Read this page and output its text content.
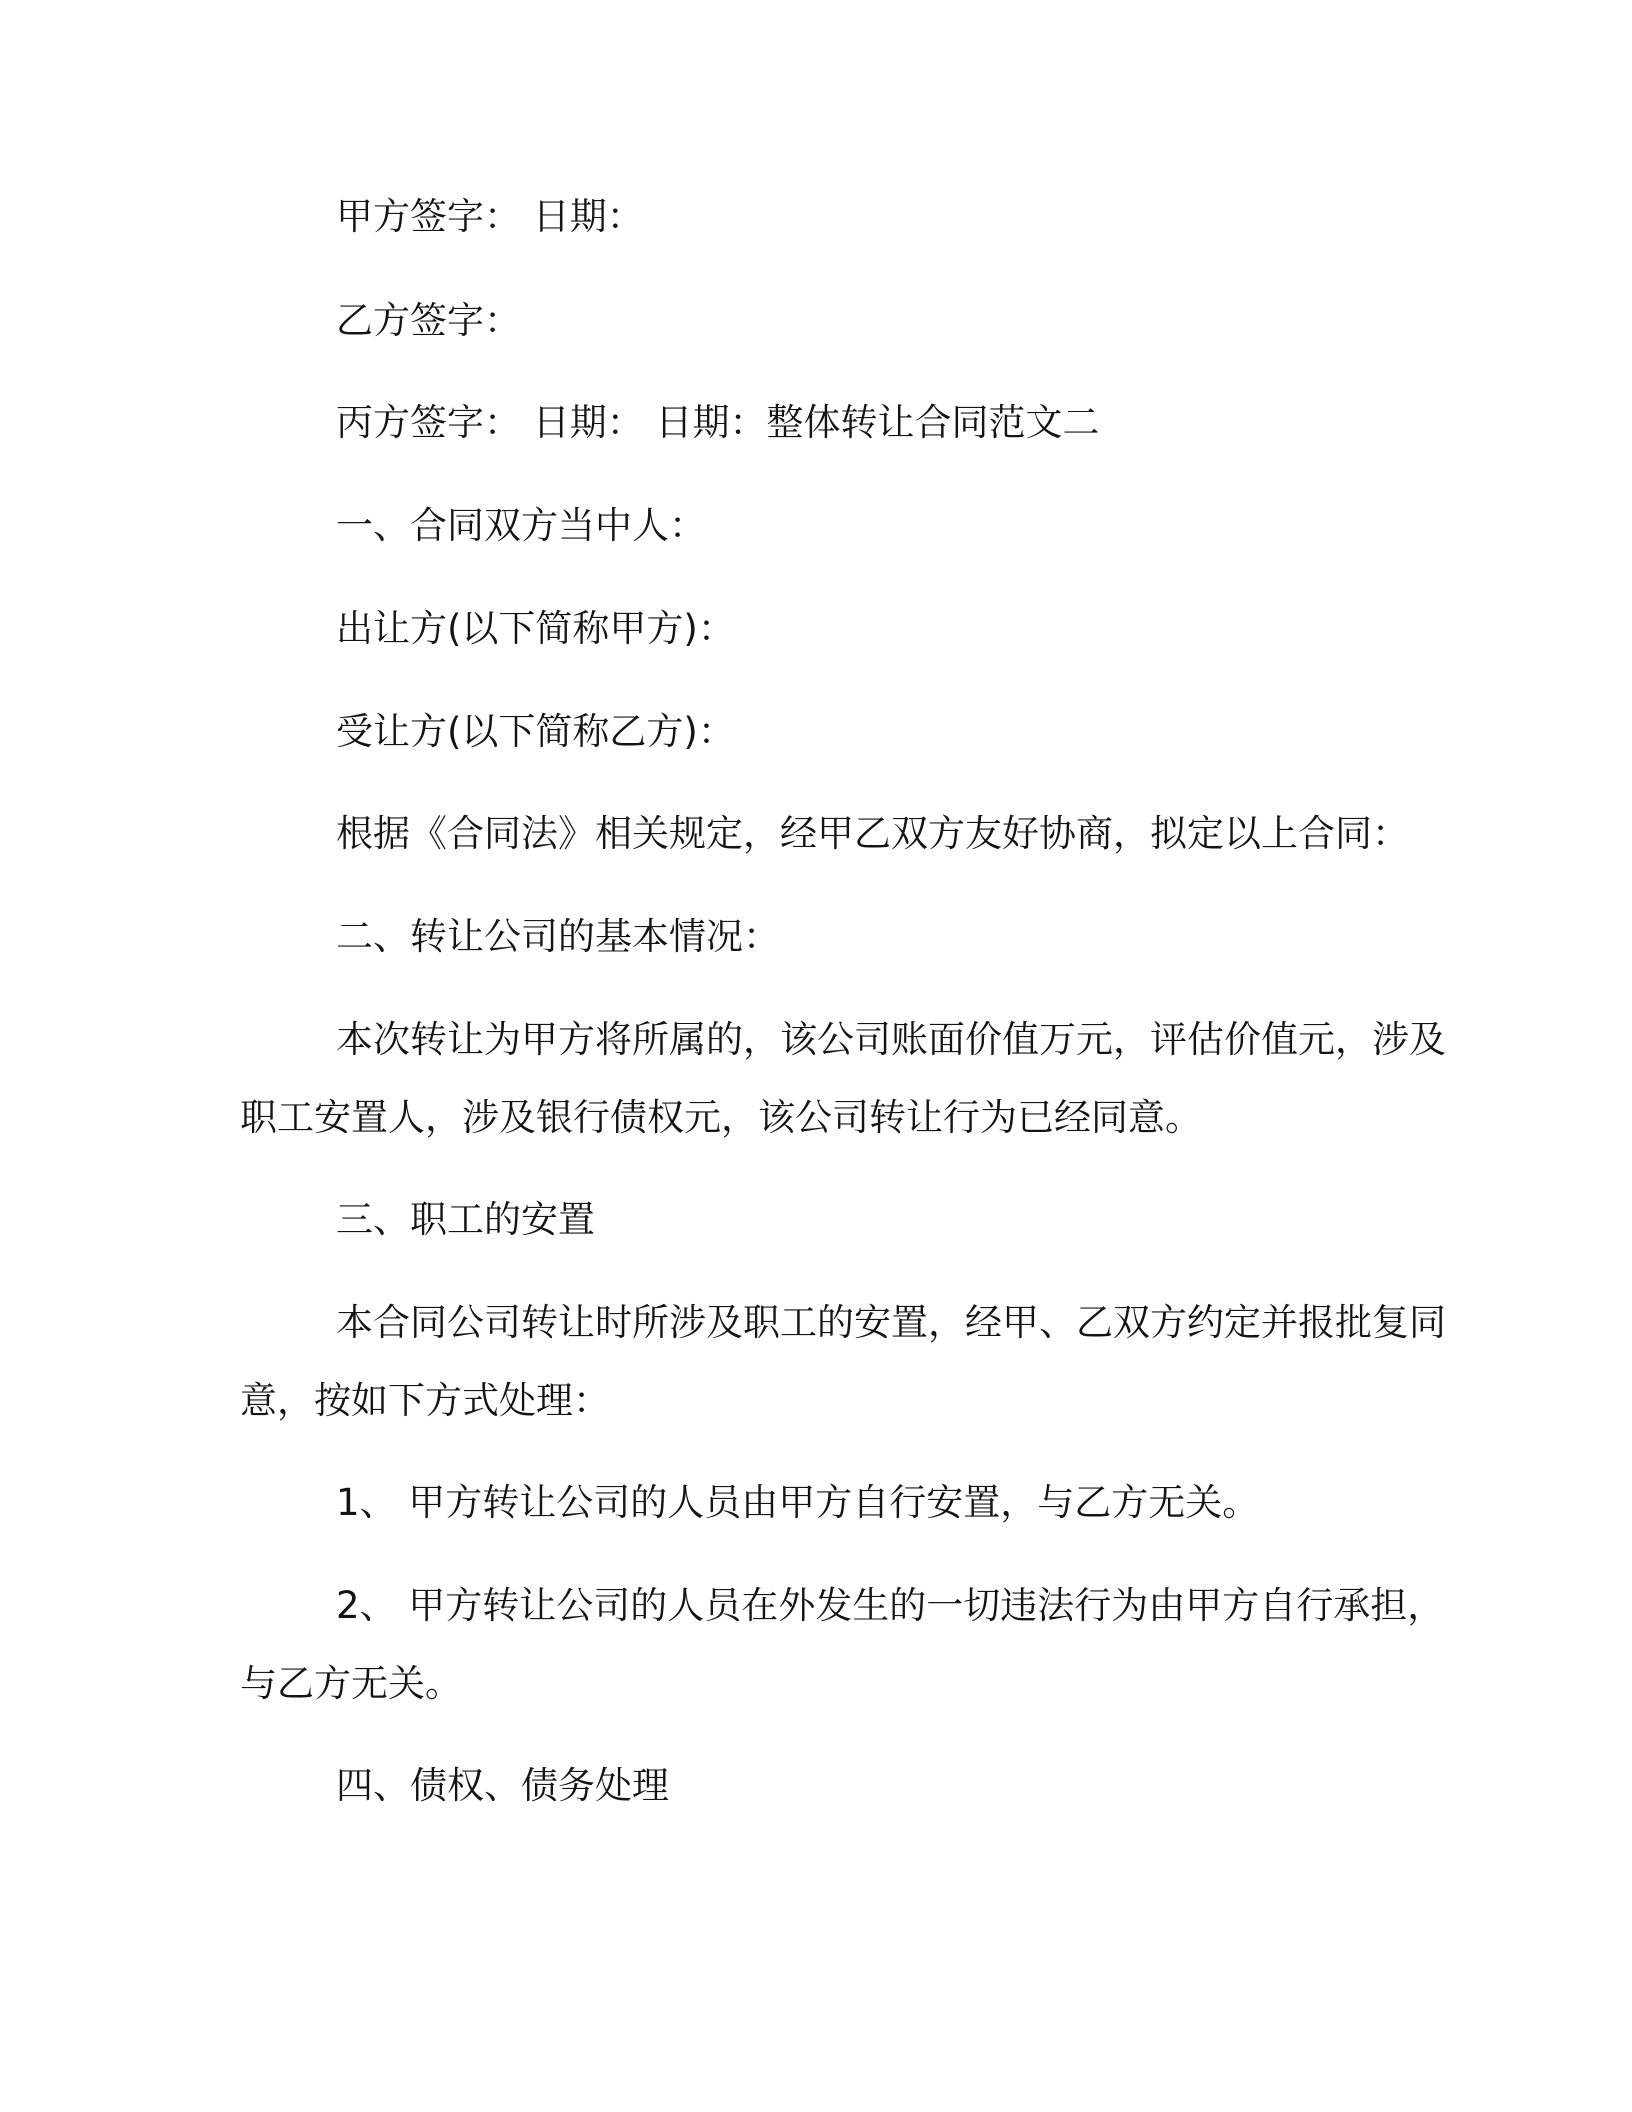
甲方签字： 日期：

乙方签字：

丙方签字： 日期： 日期：整体转让合同范文二

一、合同双方当中人：

出让方(以下简称甲方)：

受让方(以下简称乙方)：

根据《合同法》相关规定，经甲乙双方友好协商，拟定以上合同：

二、转让公司的基本情况：

本次转让为甲方将所属的，该公司账面价值万元，评估价值元，涉及职工安置人，涉及银行债权元，该公司转让行为已经同意。

三、职工的安置

本合同公司转让时所涉及职工的安置，经甲、乙双方约定并报批复同意，按如下方式处理：

1、 甲方转让公司的人员由甲方自行安置，与乙方无关。

2、 甲方转让公司的人员在外发生的一切违法行为由甲方自行承担，与乙方无关。

四、债权、债务处理
